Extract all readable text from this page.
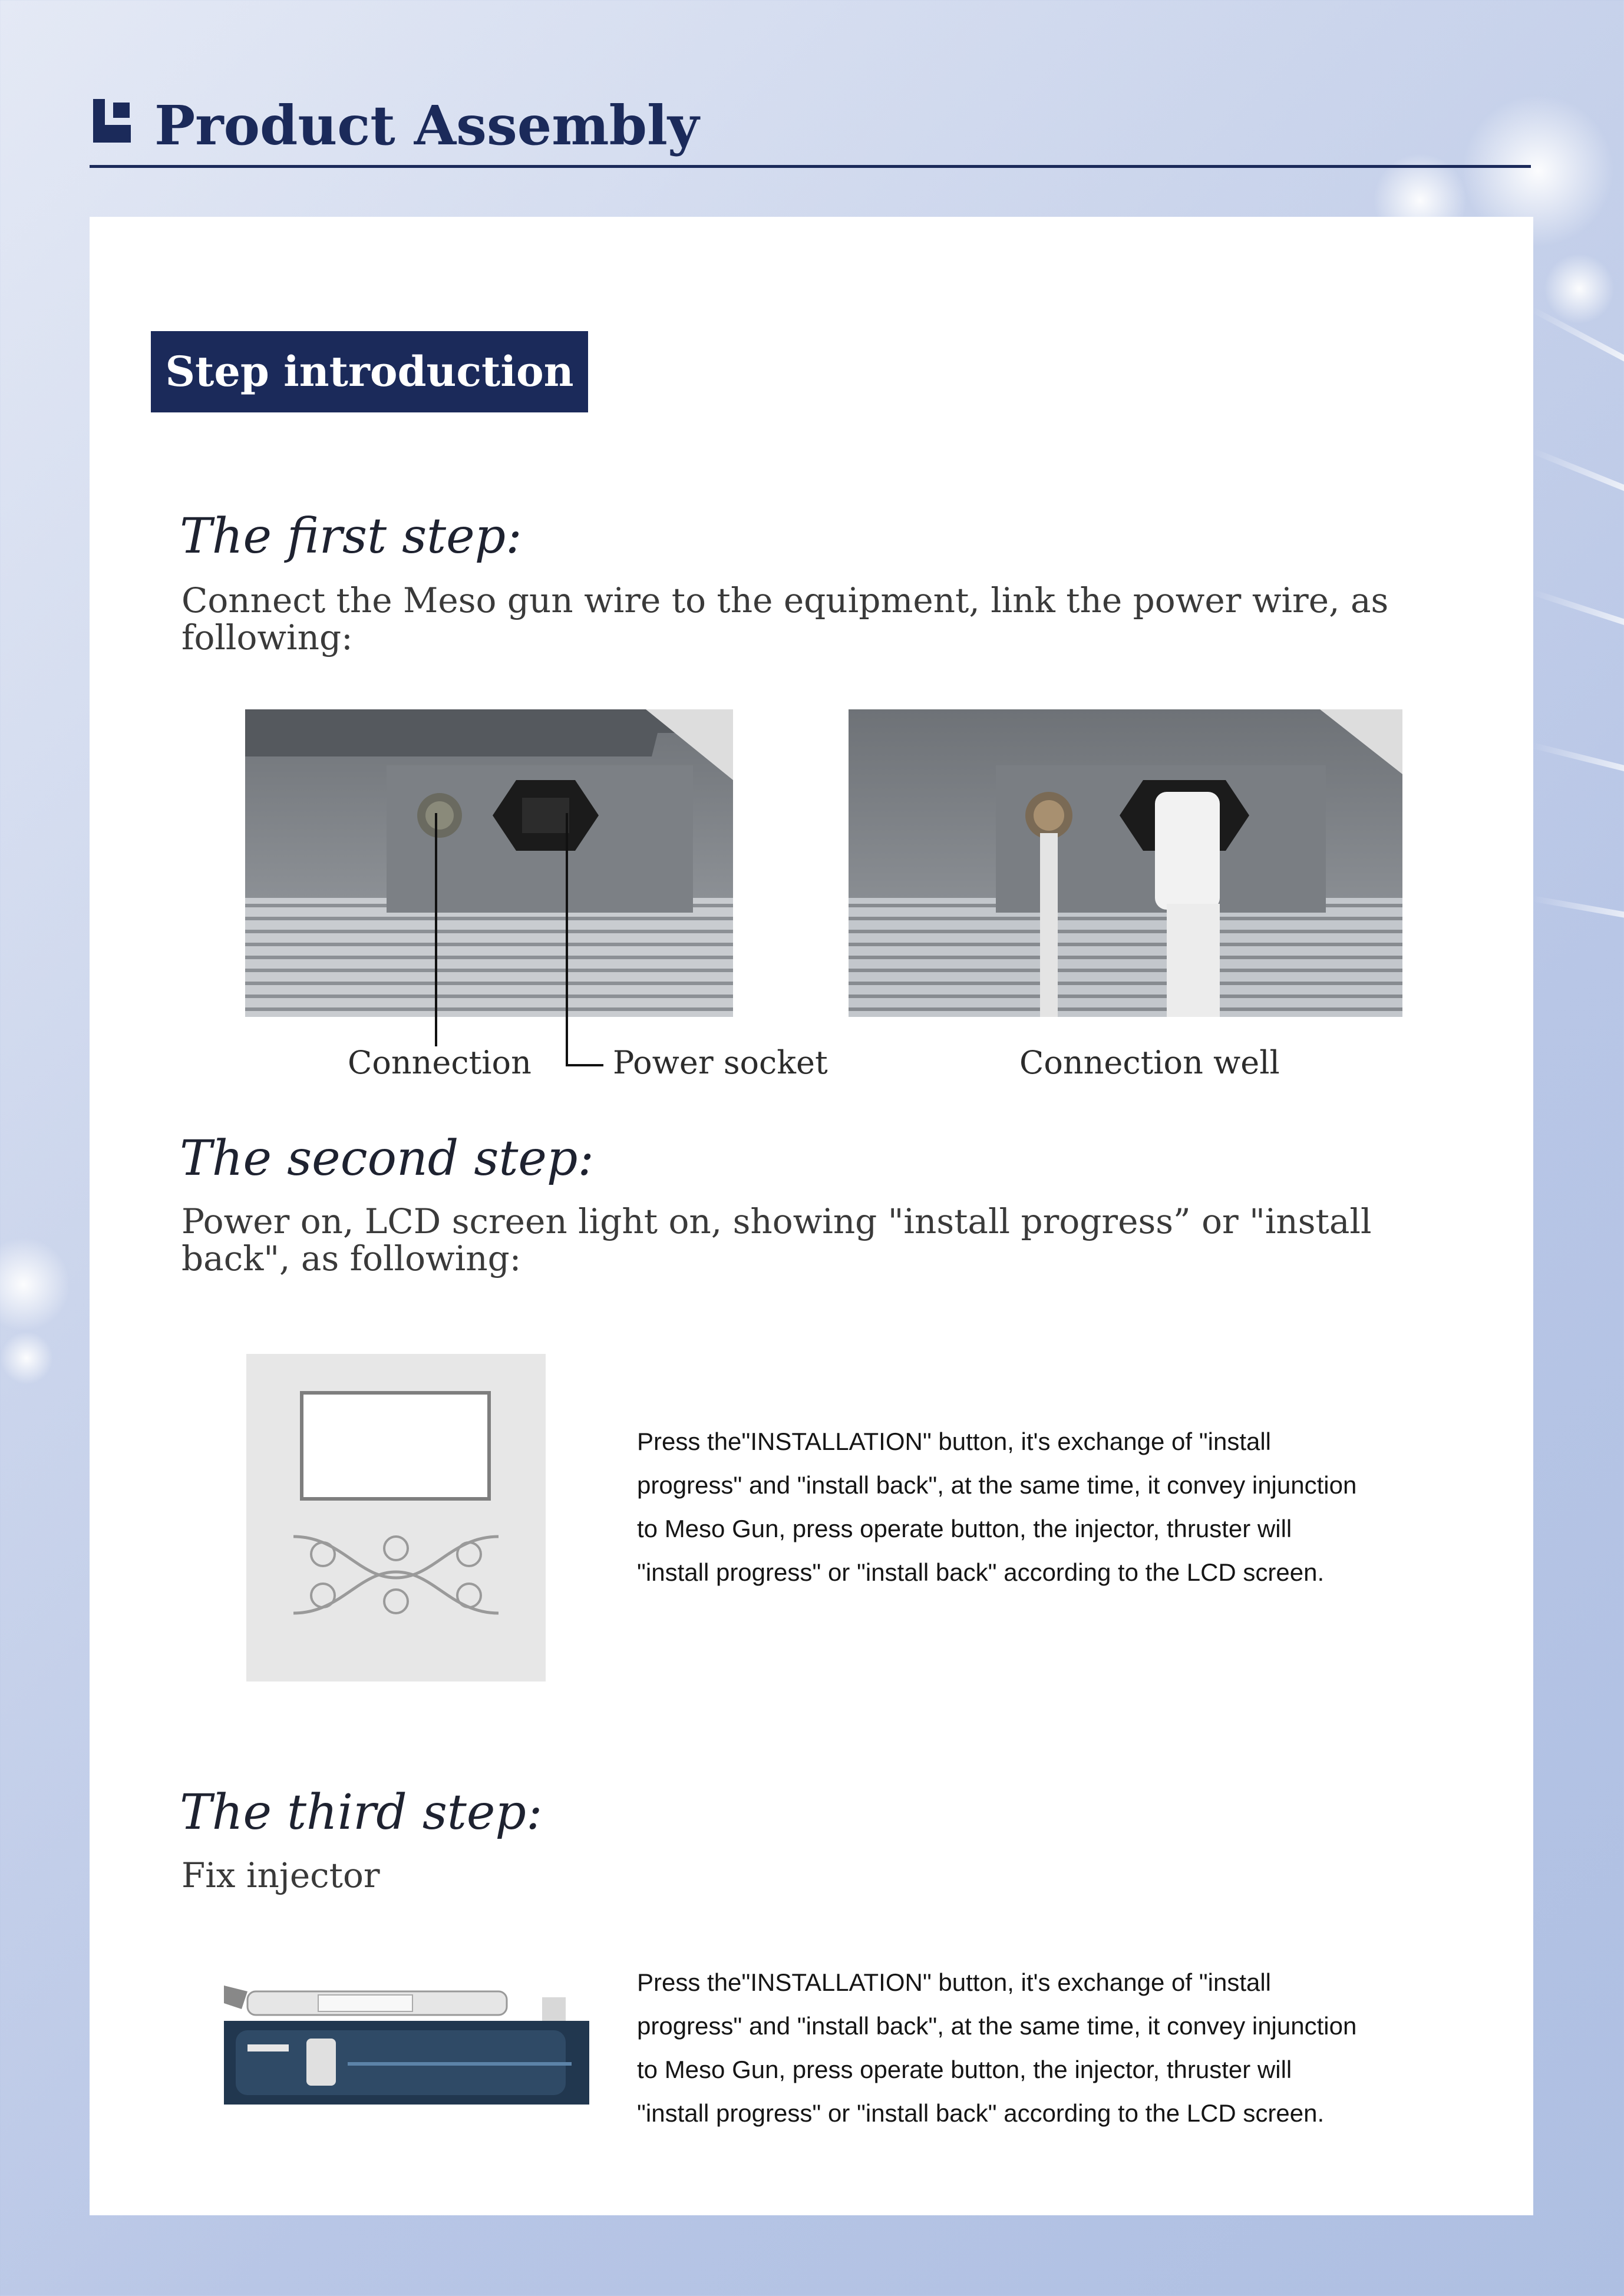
Product Assembly
Step introduction
The first step:
Connect the Meso gun wire to the equipment, link the power wire, as following:
Connection	Power socket	Connection well
The second step:
Power on, LCD screen light on, showing "install progress” or "install back", as following:
Press the"INSTALLATION" button, it's exchange of "install
progress" and "install back", at the same time, it convey injunction
to Meso Gun, press operate button, the injector, thruster will
"install progress" or "install back" according to the LCD screen.
The third step:
Fix injector
Press the"INSTALLATION" button, it's exchange of "install
progress" and "install back", at the same time, it convey injunction
to Meso Gun, press operate button, the injector, thruster will
"install progress" or "install back" according to the LCD screen.
